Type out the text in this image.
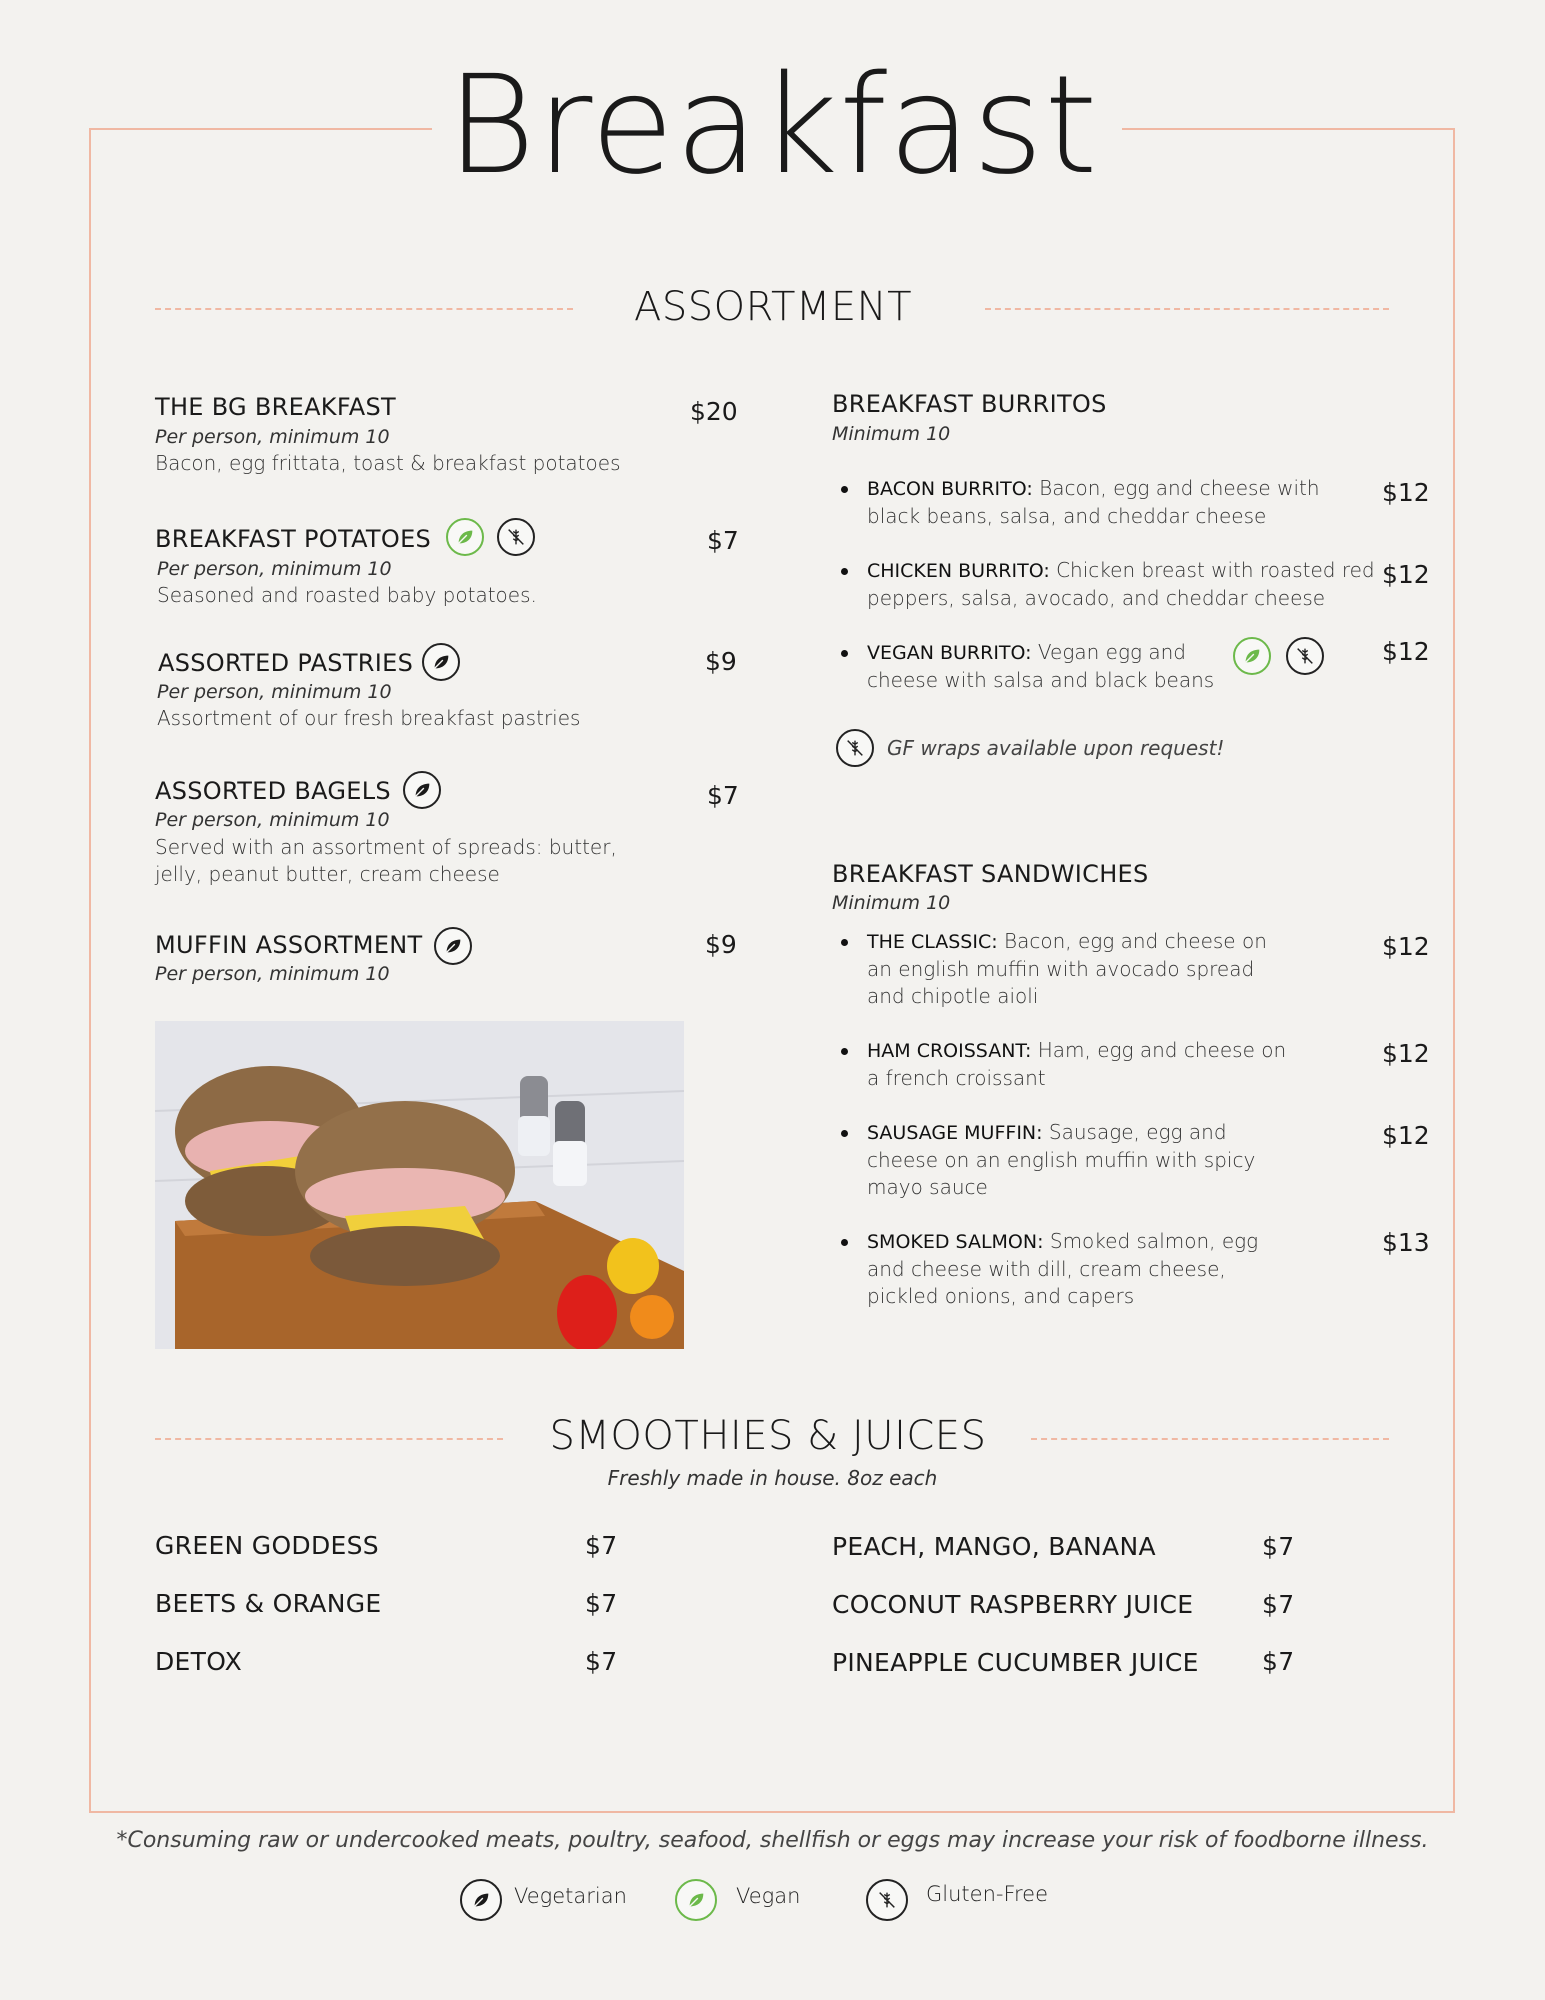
Breakfast
ASSORTMENT
THE BG BREAKFAST
Per person, minimum 10
Bacon, egg frittata, toast & breakfast potatoes
$20
BREAKFAST POTATOES
Per person, minimum 10
Seasoned and roasted baby potatoes.
$7
ASSORTED PASTRIES
Per person, minimum 10
Assortment of our fresh breakfast pastries
$9
ASSORTED BAGELS
Per person, minimum 10
Served with an assortment of spreads: butter, jelly, peanut butter, cream cheese
$7
MUFFIN ASSORTMENT
Per person, minimum 10
$9
BREAKFAST BURRITOS
Minimum 10
BACON BURRITO: Bacon, egg and cheese with black beans, salsa, and cheddar cheese
$12
CHICKEN BURRITO: Chicken breast with roasted red peppers, salsa, avocado, and cheddar cheese
$12
VEGAN BURRITO: Vegan egg and cheese with salsa and black beans
$12
GF wraps available upon request!
BREAKFAST SANDWICHES
Minimum 10
THE CLASSIC: Bacon, egg and cheese on an english muffin with avocado spread and chipotle aioli
$12
HAM CROISSANT: Ham, egg and cheese on a french croissant
$12
SAUSAGE MUFFIN: Sausage, egg and cheese on an english muffin with spicy mayo sauce
$12
SMOKED SALMON: Smoked salmon, egg and cheese with dill, cream cheese, pickled onions, and capers
$13
SMOOTHIES & JUICES
Freshly made in house. 8oz each
GREEN GODDESS	$7
BEETS & ORANGE	$7
DETOX	$7
PEACH, MANGO, BANANA	$7
COCONUT RASPBERRY JUICE	$7
PINEAPPLE CUCUMBER JUICE	$7
*Consuming raw or undercooked meats, poultry, seafood, shellfish or eggs may increase your risk of foodborne illness.
Vegetarian	Vegan	Gluten-Free
